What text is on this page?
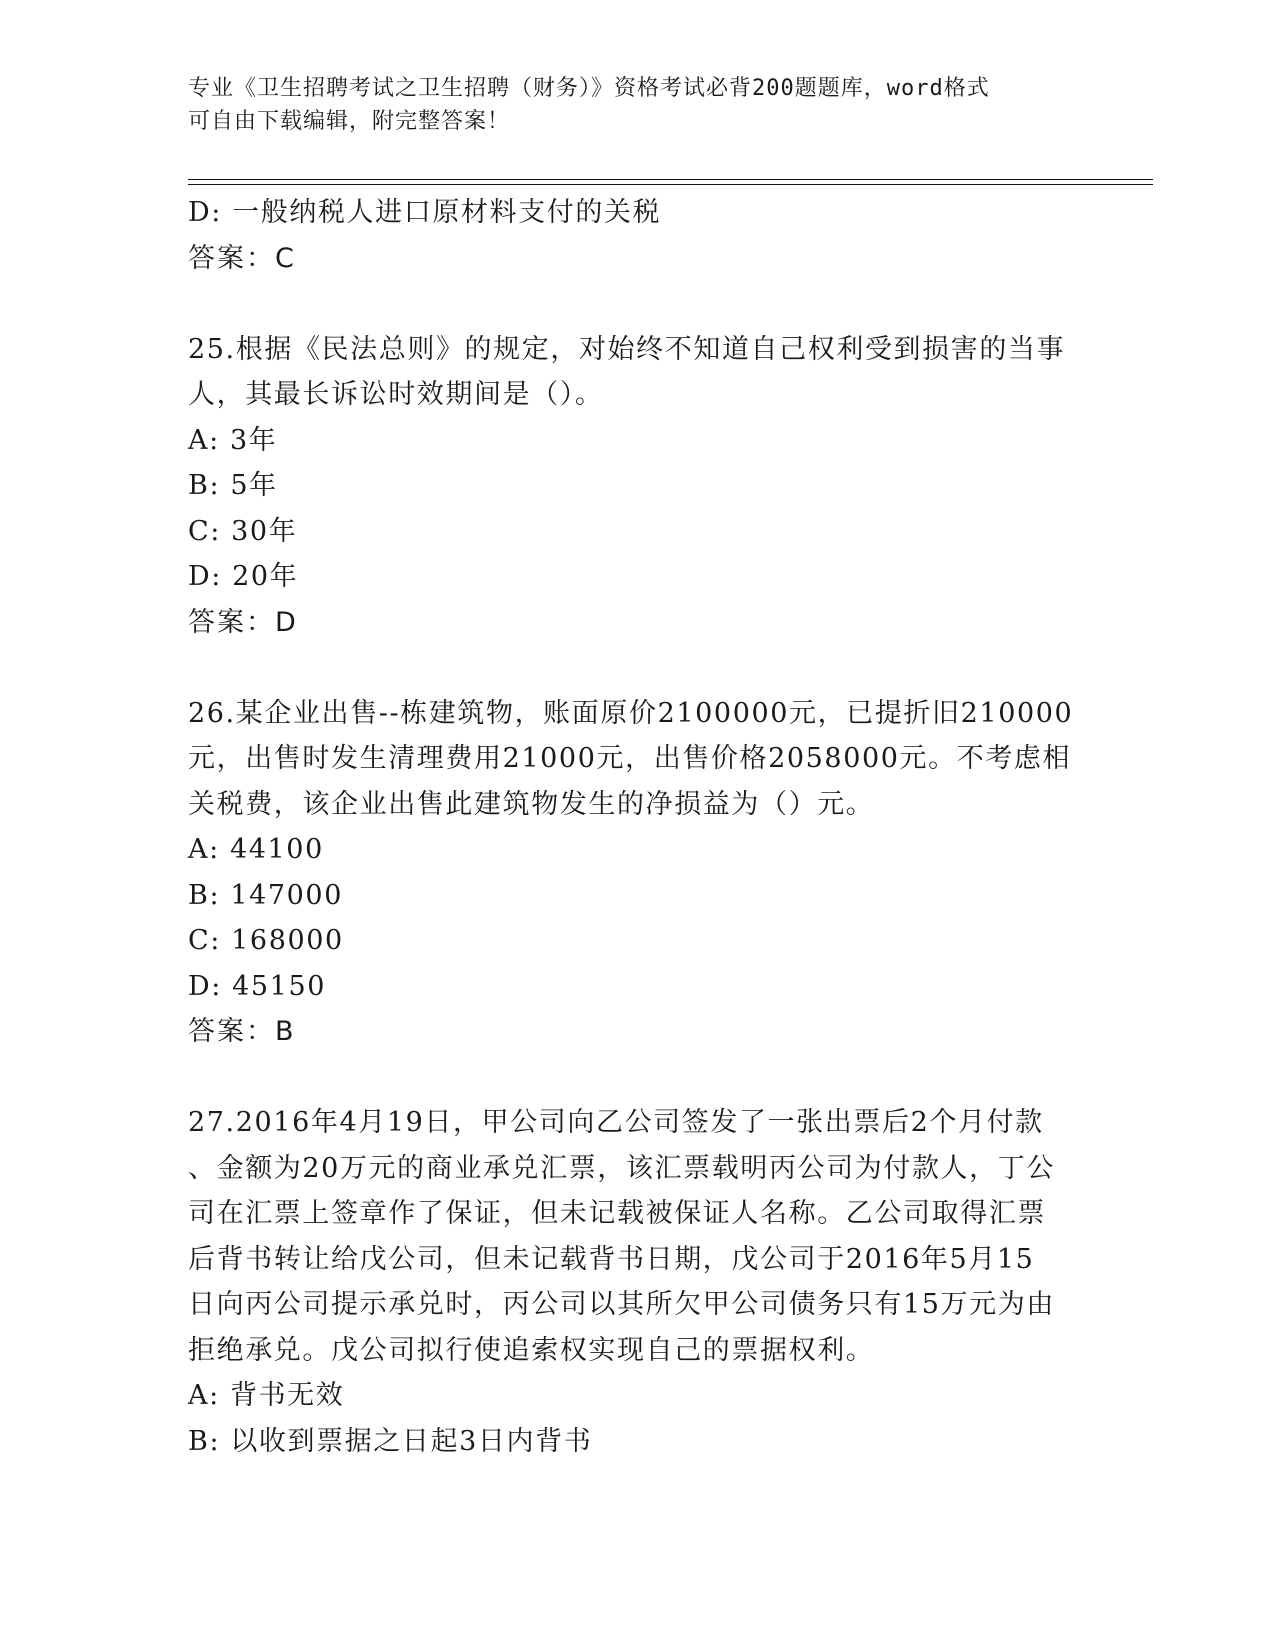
专业《卫生招聘考试之卫生招聘（财务）》资格考试必背200题题库，word格式
可自由下载编辑，附完整答案！
D: 一般纳税人进口原材料支付的关税
答案：C
25.根据《民法总则》的规定，对始终不知道自己权利受到损害的当事
人，其最长诉讼时效期间是（）。
A: 3年
B: 5年
C: 30年
D: 20年
答案：D
26.某企业出售--栋建筑物，账面原价2100000元，已提折旧210000
元，出售时发生清理费用21000元，出售价格2058000元。不考虑相
关税费，该企业出售此建筑物发生的净损益为（）元。
A: 44100
B: 147000
C: 168000
D: 45150
答案：B
27.2016年4月19日，甲公司向乙公司签发了一张出票后2个月付款
、金额为20万元的商业承兑汇票，该汇票载明丙公司为付款人，丁公
司在汇票上签章作了保证，但未记载被保证人名称。乙公司取得汇票
后背书转让给戊公司，但未记载背书日期，戊公司于2016年5月15
日向丙公司提示承兑时，丙公司以其所欠甲公司债务只有15万元为由
拒绝承兑。戊公司拟行使追索权实现自己的票据权利。
A: 背书无效
B: 以收到票据之日起3日内背书
